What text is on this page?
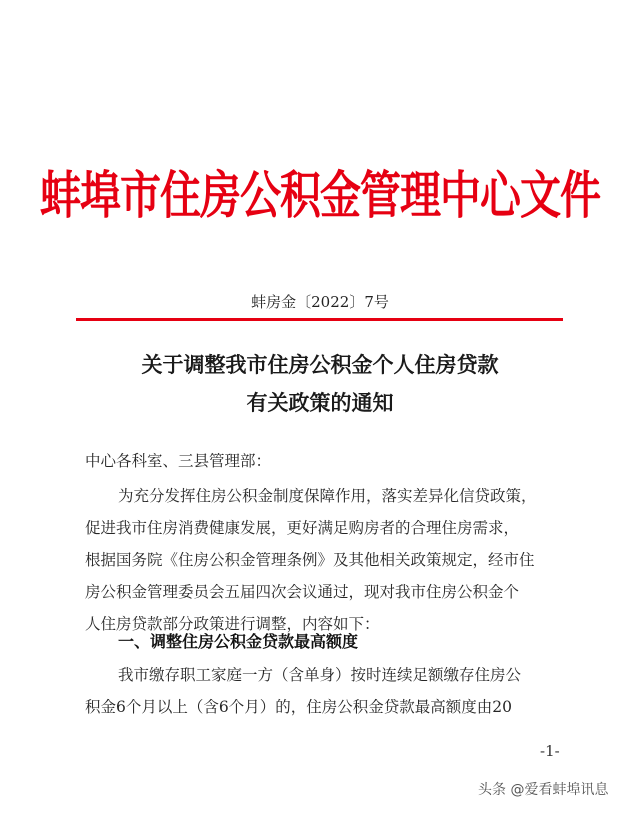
蚌埠市住房公积金管理中心文件
蚌房金〔2022〕7号
关于调整我市住房公积金个人住房贷款
有关政策的通知
中心各科室、三县管理部：
为充分发挥住房公积金制度保障作用，落实差异化信贷政策，
促进我市住房消费健康发展，更好满足购房者的合理住房需求，
根据国务院《住房公积金管理条例》及其他相关政策规定，经市住
房公积金管理委员会五届四次会议通过，现对我市住房公积金个
人住房贷款部分政策进行调整，内容如下：
一、调整住房公积金贷款最高额度
我市缴存职工家庭一方（含单身）按时连续足额缴存住房公
积金6个月以上（含6个月）的，住房公积金贷款最高额度由20
-1-
头条 @爱看蚌埠讯息
